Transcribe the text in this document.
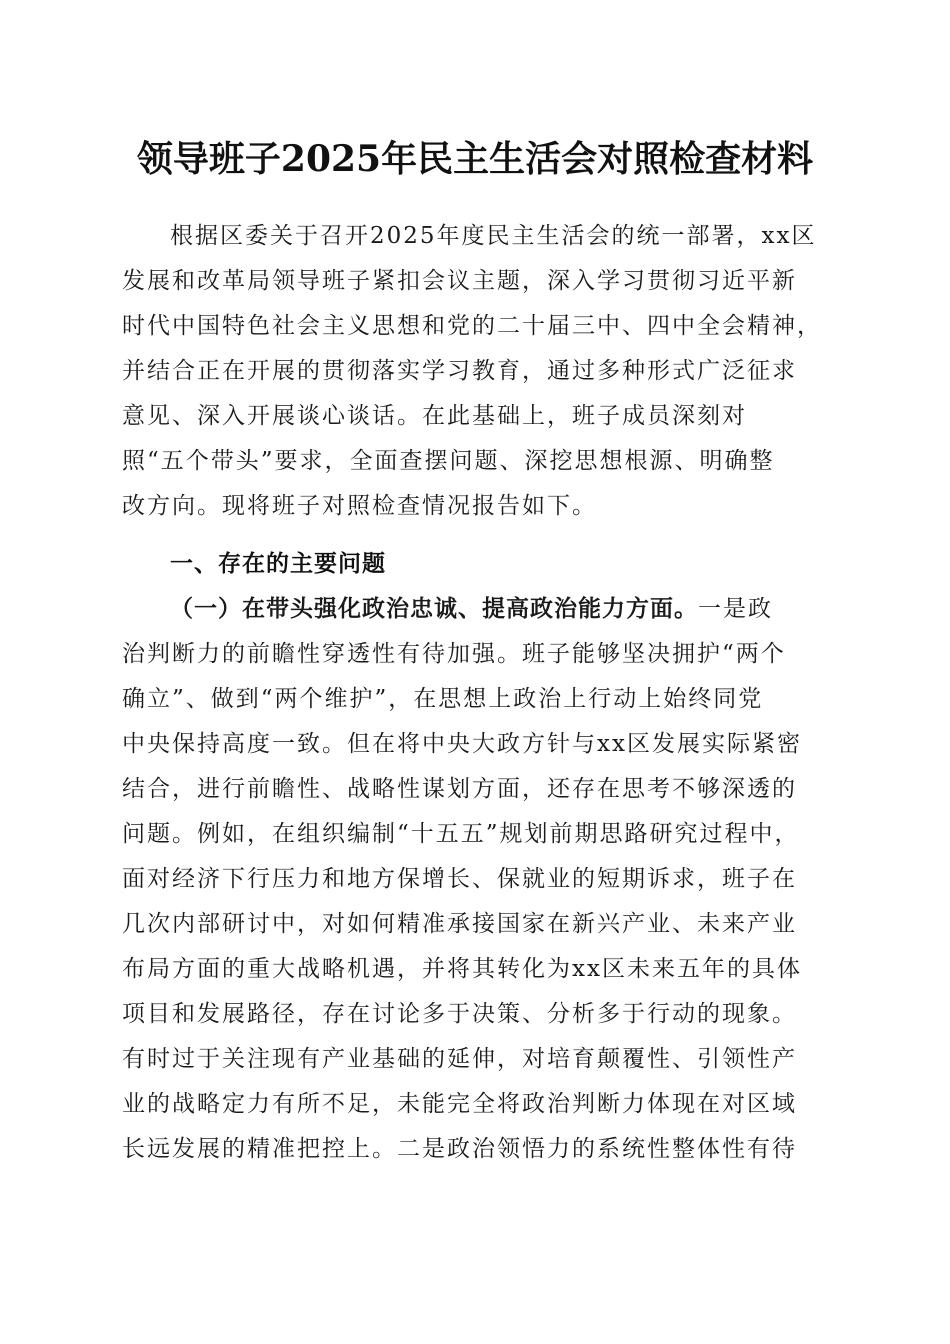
领导班子2025年民主生活会对照检查材料
根据区委关于召开2025年度民主生活会的统一部署，xx区
发展和改革局领导班子紧扣会议主题，深入学习贯彻习近平新
时代中国特色社会主义思想和党的二十届三中、四中全会精神，
并结合正在开展的贯彻落实学习教育，通过多种形式广泛征求
意见、深入开展谈心谈话。在此基础上，班子成员深刻对
照“五个带头”要求，全面查摆问题、深挖思想根源、明确整
改方向。现将班子对照检查情况报告如下。
一、存在的主要问题
（一）在带头强化政治忠诚、提高政治能力方面。一是政
治判断力的前瞻性穿透性有待加强。班子能够坚决拥护“两个
确立”、做到“两个维护”，在思想上政治上行动上始终同党
中央保持高度一致。但在将中央大政方针与xx区发展实际紧密
结合，进行前瞻性、战略性谋划方面，还存在思考不够深透的
问题。例如，在组织编制“十五五”规划前期思路研究过程中，
面对经济下行压力和地方保增长、保就业的短期诉求，班子在
几次内部研讨中，对如何精准承接国家在新兴产业、未来产业
布局方面的重大战略机遇，并将其转化为xx区未来五年的具体
项目和发展路径，存在讨论多于决策、分析多于行动的现象。
有时过于关注现有产业基础的延伸，对培育颠覆性、引领性产
业的战略定力有所不足，未能完全将政治判断力体现在对区域
长远发展的精准把控上。二是政治领悟力的系统性整体性有待
